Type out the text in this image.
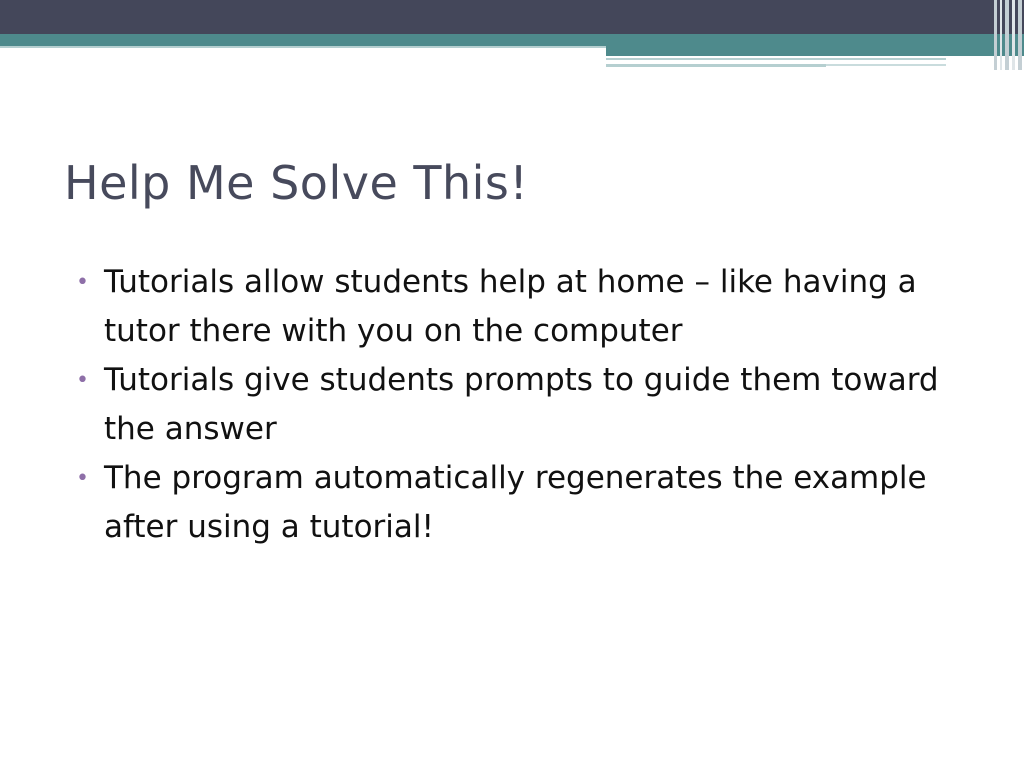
Help Me Solve This!
• Tutorials allow students help at home – like having a tutor there with you on the computer
• Tutorials give students prompts to guide them toward the answer
• The program automatically regenerates the example after using a tutorial!
